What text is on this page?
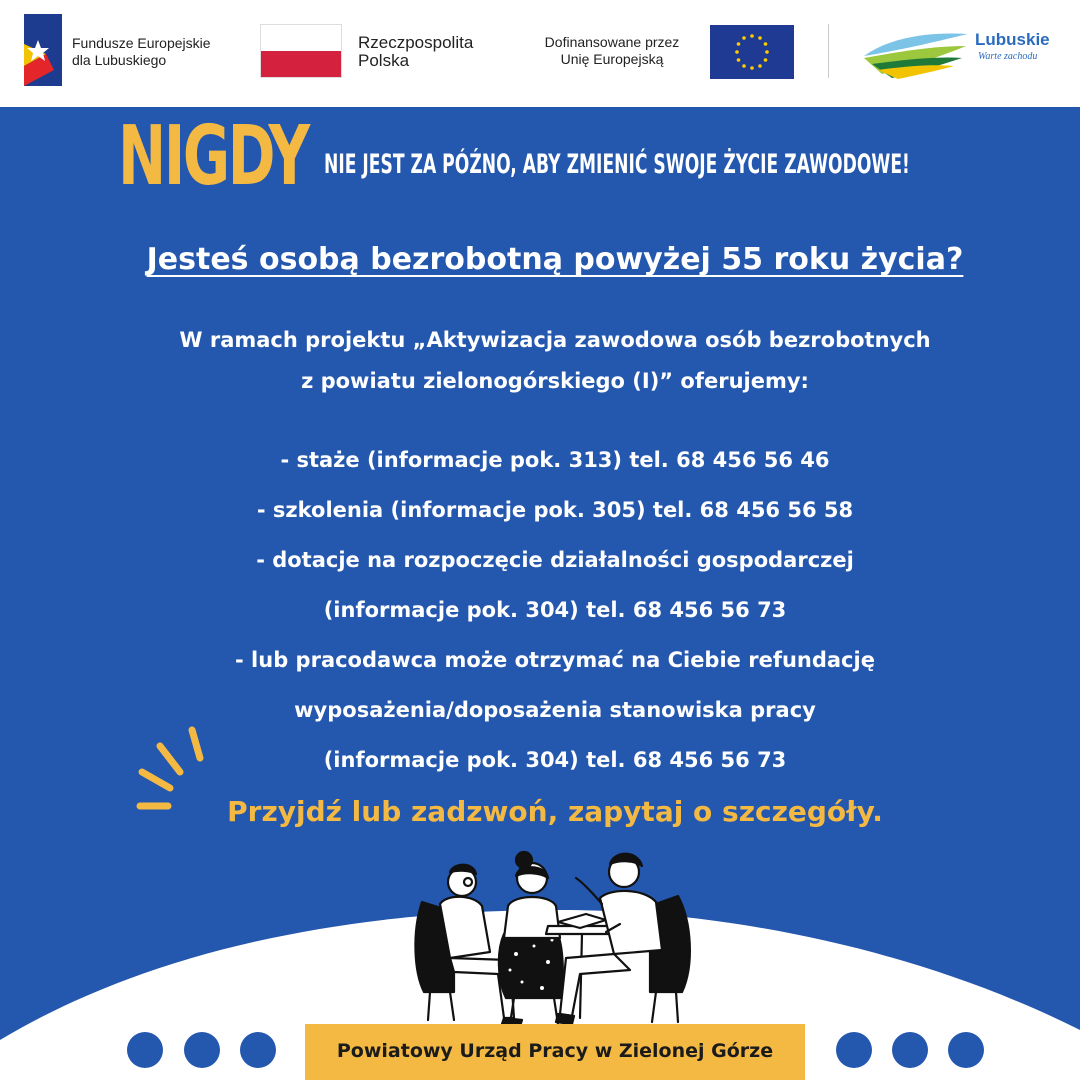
Fundusze Europejskie
dla Lubuskiego
Rzeczpospolita
Polska
Dofinansowane przez
Unię Europejską
Lubuskie
Warte zachodu
NIGDY NIE JEST ZA PÓŹNO, ABY ZMIENIĆ SWOJE ŻYCIE ZAWODOWE!
Jesteś osobą bezrobotną powyżej 55 roku życia?
W ramach projektu „Aktywizacja zawodowa osób bezrobotnych
z powiatu zielonogórskiego (I)” oferujemy:
- staże (informacje pok. 313) tel. 68 456 56 46
- szkolenia (informacje pok. 305) tel. 68 456 56 58
- dotacje na rozpoczęcie działalności gospodarczej
(informacje pok. 304) tel. 68 456 56 73
- lub pracodawca może otrzymać na Ciebie refundację
wyposażenia/doposażenia stanowiska pracy
(informacje pok. 304) tel. 68 456 56 73
Przyjdź lub zadzwoń, zapytaj o szczegóły.
Powiatowy Urząd Pracy w Zielonej Górze
